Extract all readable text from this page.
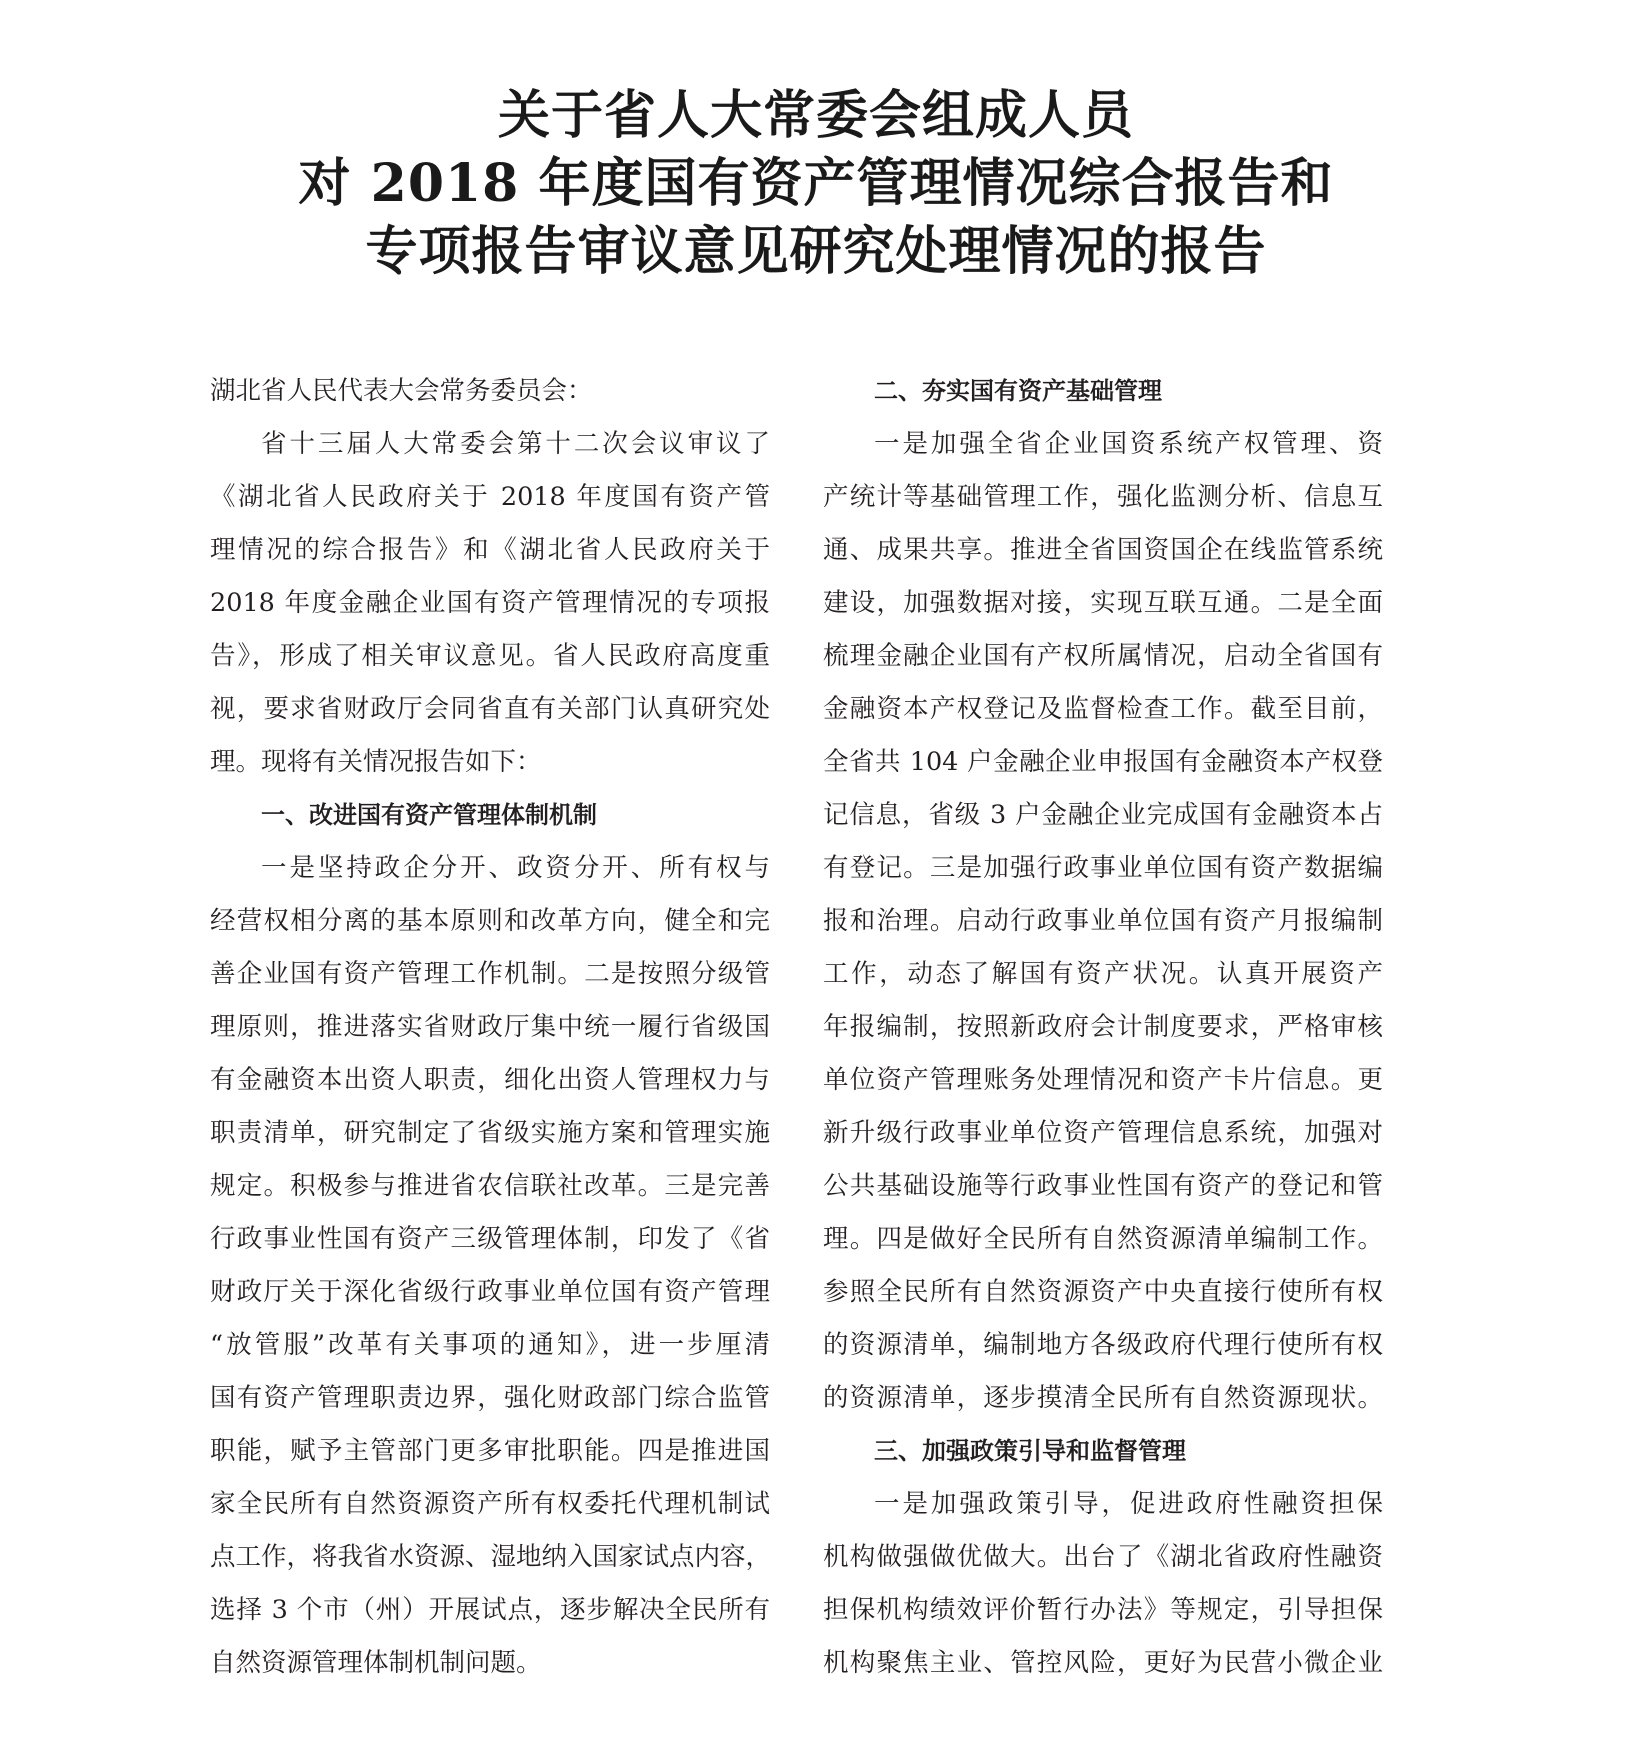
关于省人大常委会组成人员
对 2018 年度国有资产管理情况综合报告和
专项报告审议意见研究处理情况的报告
湖北省人民代表大会常务委员会：
省十三届人大常委会第十二次会议审议了
《湖北省人民政府关于 2018 年度国有资产管
理情况的综合报告》和《湖北省人民政府关于
2018 年度金融企业国有资产管理情况的专项报
告》，形成了相关审议意见。省人民政府高度重
视，要求省财政厅会同省直有关部门认真研究处
理。现将有关情况报告如下：
一、改进国有资产管理体制机制
一是坚持政企分开、政资分开、所有权与
经营权相分离的基本原则和改革方向，健全和完
善企业国有资产管理工作机制。二是按照分级管
理原则，推进落实省财政厅集中统一履行省级国
有金融资本出资人职责，细化出资人管理权力与
职责清单，研究制定了省级实施方案和管理实施
规定。积极参与推进省农信联社改革。三是完善
行政事业性国有资产三级管理体制，印发了《省
财政厅关于深化省级行政事业单位国有资产管理
“放管服”改革有关事项的通知》，进一步厘清
国有资产管理职责边界，强化财政部门综合监管
职能，赋予主管部门更多审批职能。四是推进国
家全民所有自然资源资产所有权委托代理机制试
点工作，将我省水资源、湿地纳入国家试点内容，
选择 3 个市（州）开展试点，逐步解决全民所有
自然资源管理体制机制问题。
二、夯实国有资产基础管理
一是加强全省企业国资系统产权管理、资
产统计等基础管理工作，强化监测分析、信息互
通、成果共享。推进全省国资国企在线监管系统
建设，加强数据对接，实现互联互通。二是全面
梳理金融企业国有产权所属情况，启动全省国有
金融资本产权登记及监督检查工作。截至目前，
全省共 104 户金融企业申报国有金融资本产权登
记信息，省级 3 户金融企业完成国有金融资本占
有登记。三是加强行政事业单位国有资产数据编
报和治理。启动行政事业单位国有资产月报编制
工作，动态了解国有资产状况。认真开展资产
年报编制，按照新政府会计制度要求，严格审核
单位资产管理账务处理情况和资产卡片信息。更
新升级行政事业单位资产管理信息系统，加强对
公共基础设施等行政事业性国有资产的登记和管
理。四是做好全民所有自然资源清单编制工作。
参照全民所有自然资源资产中央直接行使所有权
的资源清单，编制地方各级政府代理行使所有权
的资源清单，逐步摸清全民所有自然资源现状。
三、加强政策引导和监督管理
一是加强政策引导，促进政府性融资担保
机构做强做优做大。出台了《湖北省政府性融资
担保机构绩效评价暂行办法》等规定，引导担保
机构聚焦主业、管控风险，更好为民营小微企业
